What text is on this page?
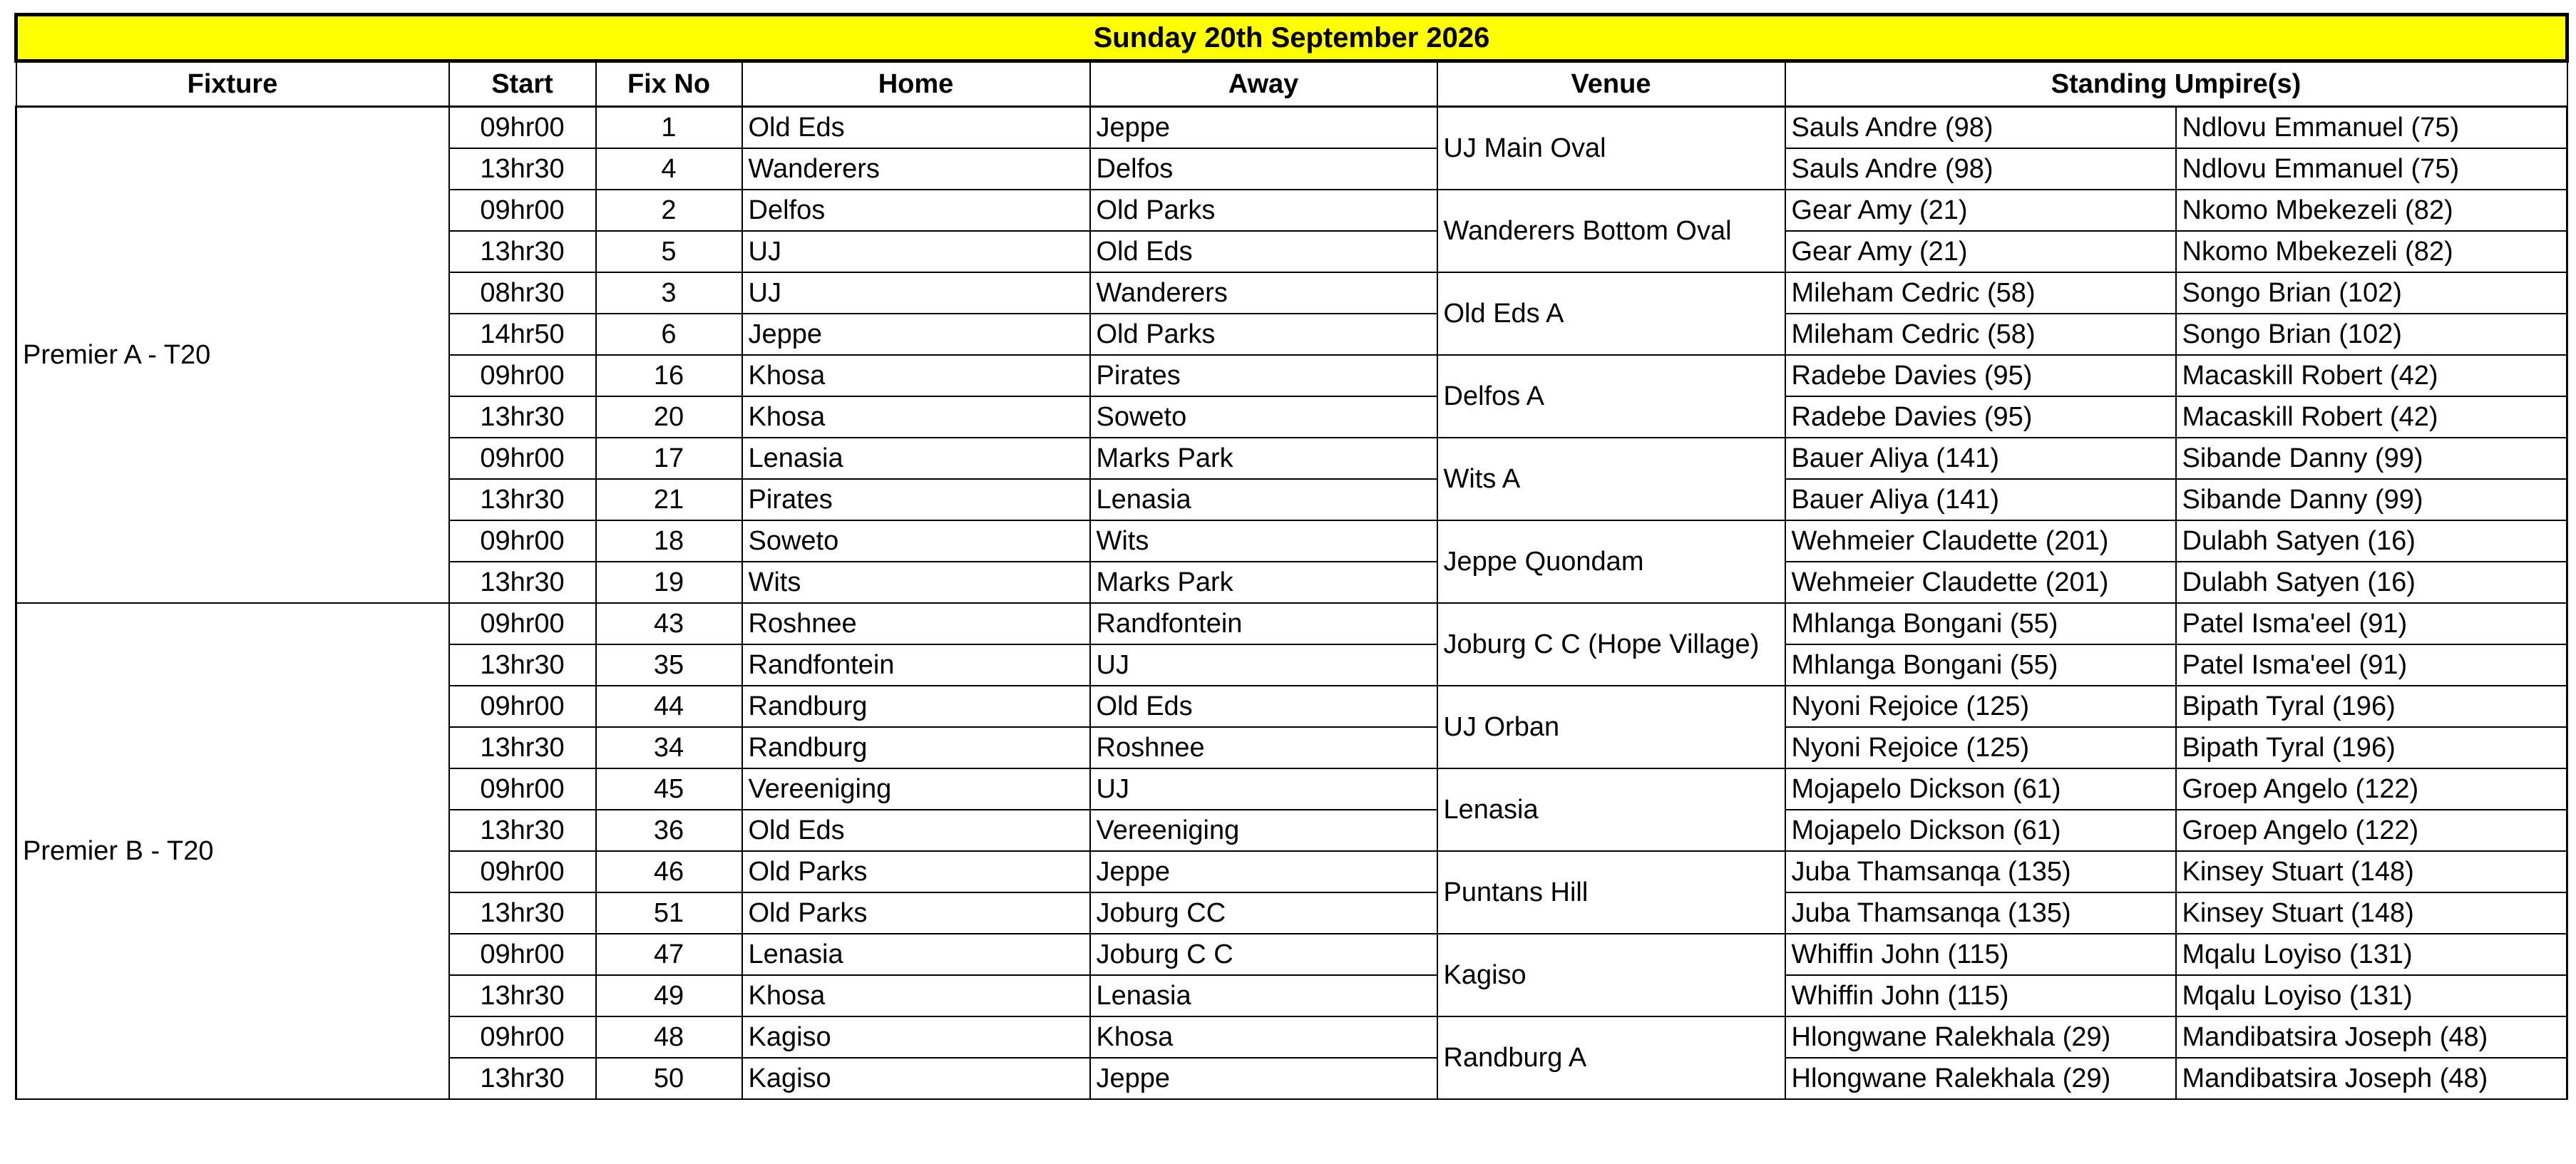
Sunday 20th September 2026							
Fixture	Start	Fix No	Home	Away	Venue	Standing Umpire(s)	
Premier A - T20	09hr00	1	Old Eds	Jeppe	UJ Main Oval	Sauls Andre (98)	Ndlovu Emmanuel (75)
	13hr30	4	Wanderers	Delfos		Sauls Andre (98)	Ndlovu Emmanuel (75)
	09hr00	2	Delfos	Old Parks	Wanderers Bottom Oval	Gear Amy (21)	Nkomo Mbekezeli (82)
	13hr30	5	UJ	Old Eds		Gear Amy (21)	Nkomo Mbekezeli (82)
	08hr30	3	UJ	Wanderers	Old Eds A	Mileham Cedric (58)	Songo Brian (102)
	14hr50	6	Jeppe	Old Parks		Mileham Cedric (58)	Songo Brian (102)
	09hr00	16	Khosa	Pirates	Delfos A	Radebe Davies (95)	Macaskill Robert (42)
	13hr30	20	Khosa	Soweto		Radebe Davies (95)	Macaskill Robert (42)
	09hr00	17	Lenasia	Marks Park	Wits A	Bauer Aliya (141)	Sibande Danny (99)
	13hr30	21	Pirates	Lenasia		Bauer Aliya (141)	Sibande Danny (99)
	09hr00	18	Soweto	Wits	Jeppe Quondam	Wehmeier Claudette (201)	Dulabh Satyen (16)
	13hr30	19	Wits	Marks Park		Wehmeier Claudette (201)	Dulabh Satyen (16)
Premier B - T20	09hr00	43	Roshnee	Randfontein	Joburg C C (Hope Village)	Mhlanga Bongani (55)	Patel Isma'eel (91)
	13hr30	35	Randfontein	UJ		Mhlanga Bongani (55)	Patel Isma'eel (91)
	09hr00	44	Randburg	Old Eds	UJ Orban	Nyoni Rejoice (125)	Bipath Tyral (196)
	13hr30	34	Randburg	Roshnee		Nyoni Rejoice (125)	Bipath Tyral (196)
	09hr00	45	Vereeniging	UJ	Lenasia	Mojapelo Dickson (61)	Groep Angelo (122)
	13hr30	36	Old Eds	Vereeniging		Mojapelo Dickson (61)	Groep Angelo (122)
	09hr00	46	Old Parks	Jeppe	Puntans Hill	Juba Thamsanqa (135)	Kinsey Stuart (148)
	13hr30	51	Old Parks	Joburg CC		Juba Thamsanqa (135)	Kinsey Stuart (148)
	09hr00	47	Lenasia	Joburg C C	Kagiso	Whiffin John (115)	Mqalu Loyiso (131)
	13hr30	49	Khosa	Lenasia		Whiffin John (115)	Mqalu Loyiso (131)
	09hr00	48	Kagiso	Khosa	Randburg A	Hlongwane Ralekhala (29)	Mandibatsira Joseph (48)
	13hr30	50	Kagiso	Jeppe		Hlongwane Ralekhala (29)	Mandibatsira Joseph (48)
